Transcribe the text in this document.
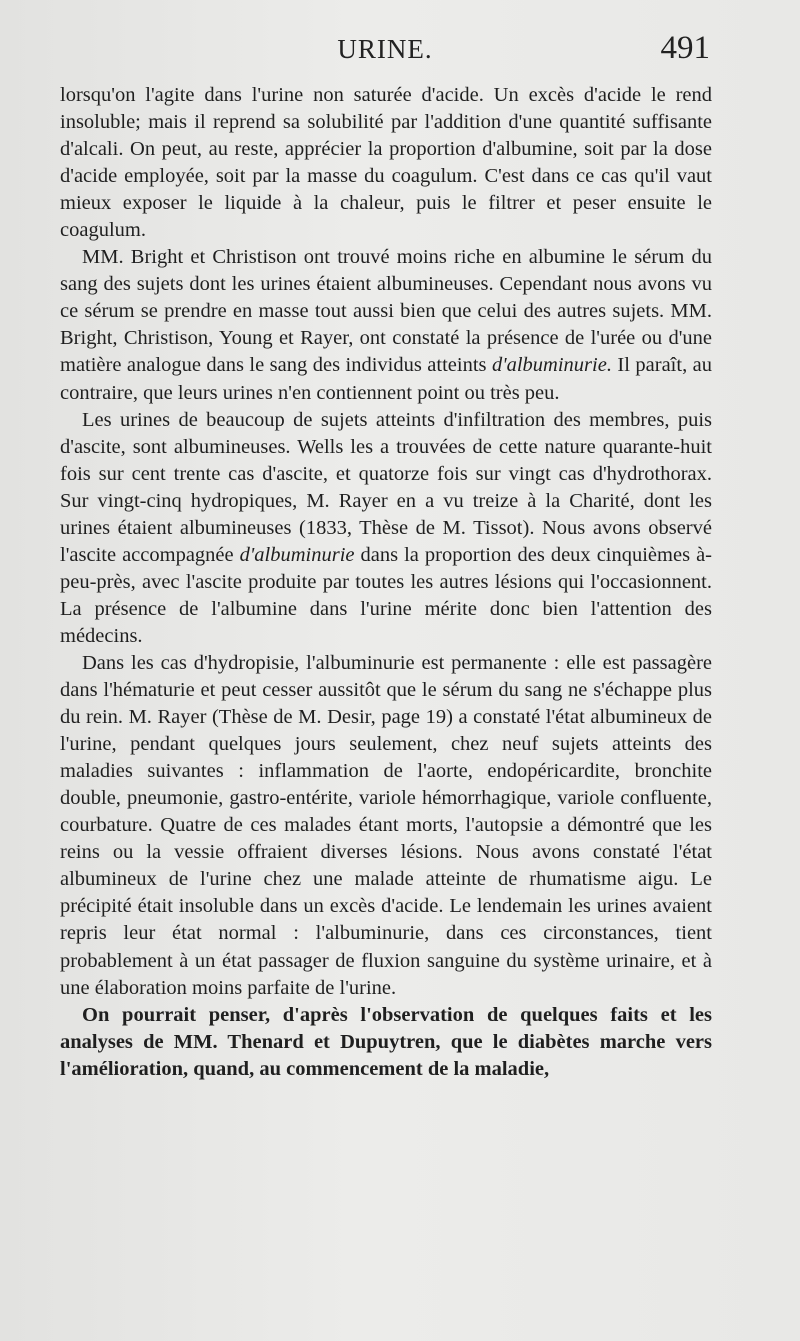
URINE.	491

lorsqu'on l'agite dans l'urine non saturée d'acide. Un excès d'acide le rend insoluble; mais il reprend sa solubilité par l'addition d'une quantité suffisante d'alcali. On peut, au reste, apprécier la proportion d'albumine, soit par la dose d'acide employée, soit par la masse du coagulum. C'est dans ce cas qu'il vaut mieux exposer le liquide à la chaleur, puis le filtrer et peser ensuite le coagulum.

MM. Bright et Christison ont trouvé moins riche en albumine le sérum du sang des sujets dont les urines étaient albumineuses. Cependant nous avons vu ce sérum se prendre en masse tout aussi bien que celui des autres sujets. MM. Bright, Christison, Young et Rayer, ont constaté la présence de l'urée ou d'une matière analogue dans le sang des individus atteints d'albuminurie. Il paraît, au contraire, que leurs urines n'en contiennent point ou très peu.

Les urines de beaucoup de sujets atteints d'infiltration des membres, puis d'ascite, sont albumineuses. Wells les a trouvées de cette nature quarante-huit fois sur cent trente cas d'ascite, et quatorze fois sur vingt cas d'hydrothorax. Sur vingt-cinq hydropiques, M. Rayer en a vu treize à la Charité, dont les urines étaient albumineuses (1833, Thèse de M. Tissot). Nous avons observé l'ascite accompagnée d'albuminurie dans la proportion des deux cinquièmes à-peu-près, avec l'ascite produite par toutes les autres lésions qui l'occasionnent. La présence de l'albumine dans l'urine mérite donc bien l'attention des médecins.

Dans les cas d'hydropisie, l'albuminurie est permanente : elle est passagère dans l'hématurie et peut cesser aussitôt que le sérum du sang ne s'échappe plus du rein. M. Rayer (Thèse de M. Desir, page 19) a constaté l'état albumineux de l'urine, pendant quelques jours seulement, chez neuf sujets atteints des maladies suivantes : inflammation de l'aorte, endopéricardite, bronchite double, pneumonie, gastro-entérite, variole hémorrhagique, variole confluente, courbature. Quatre de ces malades étant morts, l'autopsie a démontré que les reins ou la vessie offraient diverses lésions. Nous avons constaté l'état albumineux de l'urine chez une malade atteinte de rhumatisme aigu. Le précipité était insoluble dans un excès d'acide. Le lendemain les urines avaient repris leur état normal : l'albuminurie, dans ces circonstances, tient probablement à un état passager de fluxion sanguine du système urinaire, et à une élaboration moins parfaite de l'urine.

On pourrait penser, d'après l'observation de quelques faits et les analyses de MM. Thenard et Dupuytren, que le diabètes marche vers l'amélioration, quand, au commencement de la maladie,
